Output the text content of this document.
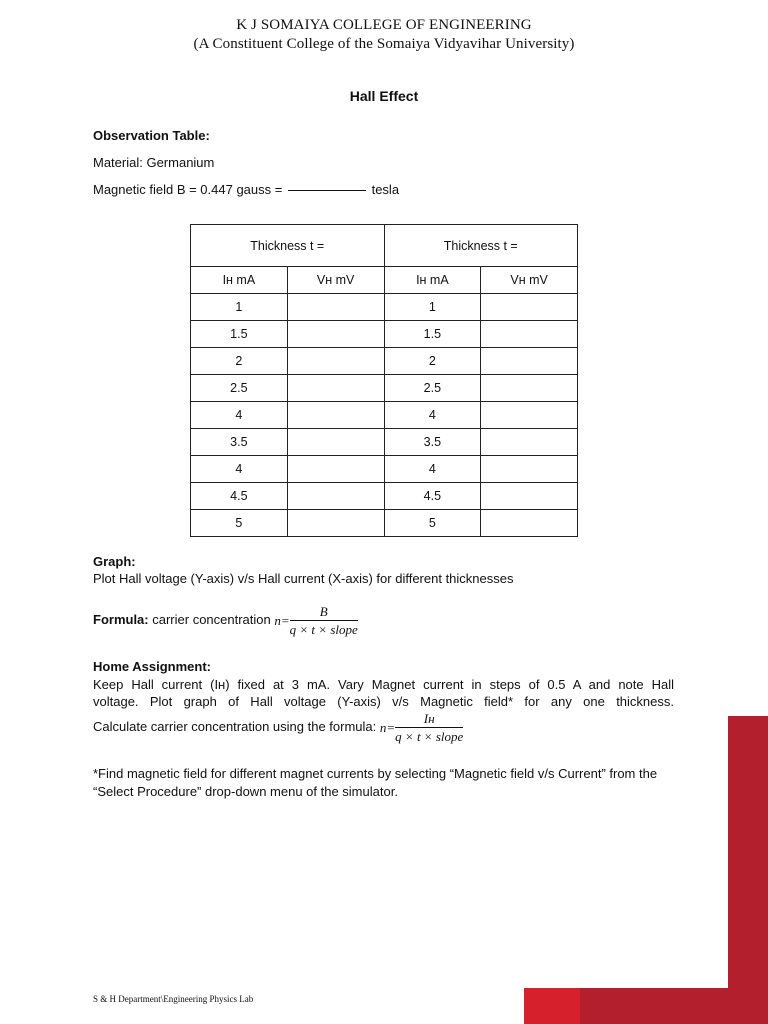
K J SOMAIYA COLLEGE OF ENGINEERING
(A Constituent College of the Somaiya Vidyavihar University)
Hall Effect
Observation Table:
Material: Germanium
Magnetic field B = 0.447 gauss =	tesla
Thickness t =		Thickness t =	
Iʜ mA	Vʜ mV	Iʜ mA	Vʜ mV
1		1	
1.5		1.5	
2		2	
2.5		2.5	
4		4	
3.5		3.5	
4		4	
4.5		4.5	
5		5	
Graph:
Plot Hall voltage (Y-axis) v/s Hall current (X-axis) for different thicknesses
Formula: carrier concentration $n= \frac{B}{\text{q × t × slope}}$
Home Assignment:
Keep Hall current (Iʜ) fixed at 3 mA. Vary Magnet current in steps of 0.5 A and note Hall
voltage. Plot graph of Hall voltage (Y-axis) v/s Magnetic field* for any one thickness.
Calculate carrier concentration using the formula: $n= \frac{\text{Iʜ}}{\text{q × t × slope}}$
*Find magnetic field for different magnet currents by selecting “Magnetic field v/s Current” from the “Select Procedure” drop-down menu of the simulator.
S & H Department\Engineering Physics Lab
